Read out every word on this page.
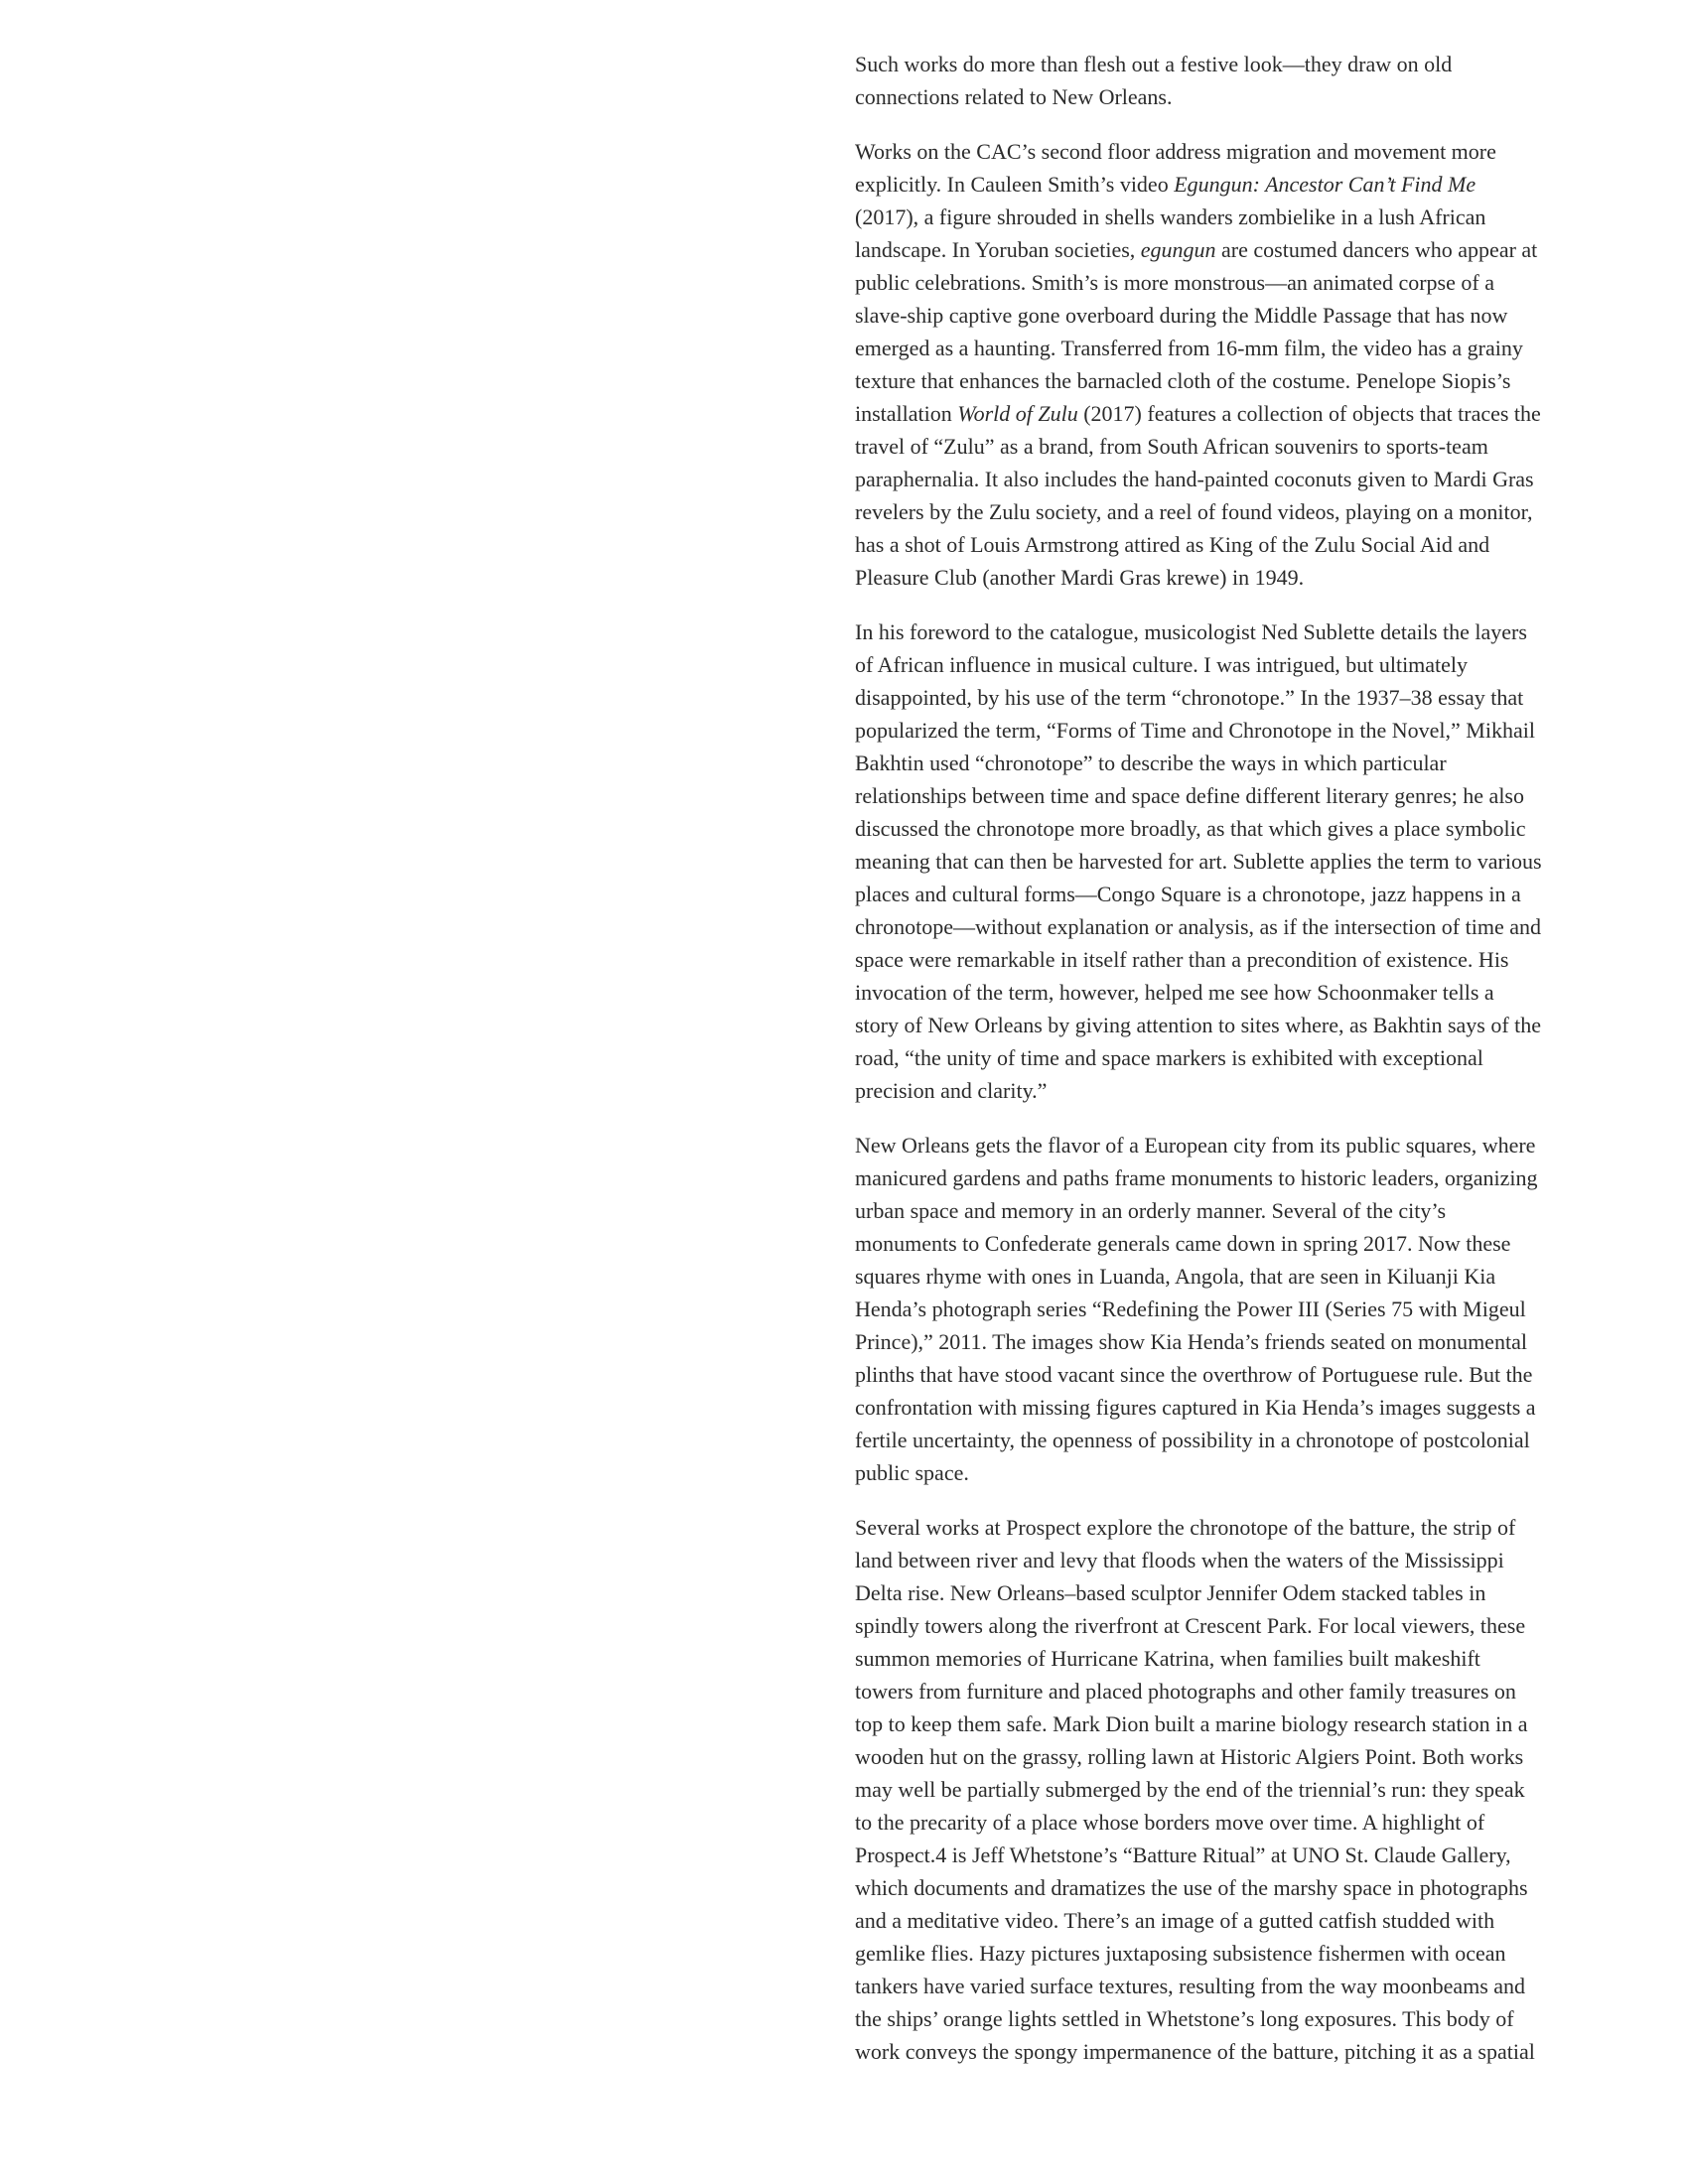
Such works do more than flesh out a festive look—they draw on old
connections related to New Orleans.

Works on the CAC’s second floor address migration and movement more
explicitly. In Cauleen Smith’s video Egungun: Ancestor Can’t Find Me
(2017), a figure shrouded in shells wanders zombielike in a lush African
landscape. In Yoruban societies, egungun are costumed dancers who appear at
public celebrations. Smith’s is more monstrous—an animated corpse of a
slave-ship captive gone overboard during the Middle Passage that has now
emerged as a haunting. Transferred from 16-mm film, the video has a grainy
texture that enhances the barnacled cloth of the costume. Penelope Siopis’s
installation World of Zulu (2017) features a collection of objects that traces the
travel of “Zulu” as a brand, from South African souvenirs to sports-team
paraphernalia. It also includes the hand-painted coconuts given to Mardi Gras
revelers by the Zulu society, and a reel of found videos, playing on a monitor,
has a shot of Louis Armstrong attired as King of the Zulu Social Aid and
Pleasure Club (another Mardi Gras krewe) in 1949.

In his foreword to the catalogue, musicologist Ned Sublette details the layers
of African influence in musical culture. I was intrigued, but ultimately
disappointed, by his use of the term “chronotope.” In the 1937–38 essay that
popularized the term, “Forms of Time and Chronotope in the Novel,” Mikhail
Bakhtin used “chronotope” to describe the ways in which particular
relationships between time and space define different literary genres; he also
discussed the chronotope more broadly, as that which gives a place symbolic
meaning that can then be harvested for art. Sublette applies the term to various
places and cultural forms—Congo Square is a chronotope, jazz happens in a
chronotope—without explanation or analysis, as if the intersection of time and
space were remarkable in itself rather than a precondition of existence. His
invocation of the term, however, helped me see how Schoonmaker tells a
story of New Orleans by giving attention to sites where, as Bakhtin says of the
road, “the unity of time and space markers is exhibited with exceptional
precision and clarity.”

New Orleans gets the flavor of a European city from its public squares, where
manicured gardens and paths frame monuments to historic leaders, organizing
urban space and memory in an orderly manner. Several of the city’s
monuments to Confederate generals came down in spring 2017. Now these
squares rhyme with ones in Luanda, Angola, that are seen in Kiluanji Kia
Henda’s photograph series “Redefining the Power III (Series 75 with Migeul
Prince),” 2011. The images show Kia Henda’s friends seated on monumental
plinths that have stood vacant since the overthrow of Portuguese rule. But the
confrontation with missing figures captured in Kia Henda’s images suggests a
fertile uncertainty, the openness of possibility in a chronotope of postcolonial
public space.

Several works at Prospect explore the chronotope of the batture, the strip of
land between river and levy that floods when the waters of the Mississippi
Delta rise. New Orleans–based sculptor Jennifer Odem stacked tables in
spindly towers along the riverfront at Crescent Park. For local viewers, these
summon memories of Hurricane Katrina, when families built makeshift
towers from furniture and placed photographs and other family treasures on
top to keep them safe. Mark Dion built a marine biology research station in a
wooden hut on the grassy, rolling lawn at Historic Algiers Point. Both works
may well be partially submerged by the end of the triennial’s run: they speak
to the precarity of a place whose borders move over time. A highlight of
Prospect.4 is Jeff Whetstone’s “Batture Ritual” at UNO St. Claude Gallery,
which documents and dramatizes the use of the marshy space in photographs
and a meditative video. There’s an image of a gutted catfish studded with
gemlike flies. Hazy pictures juxtaposing subsistence fishermen with ocean
tankers have varied surface textures, resulting from the way moonbeams and
the ships’ orange lights settled in Whetstone’s long exposures. This body of
work conveys the spongy impermanence of the batture, pitching it as a spatial
